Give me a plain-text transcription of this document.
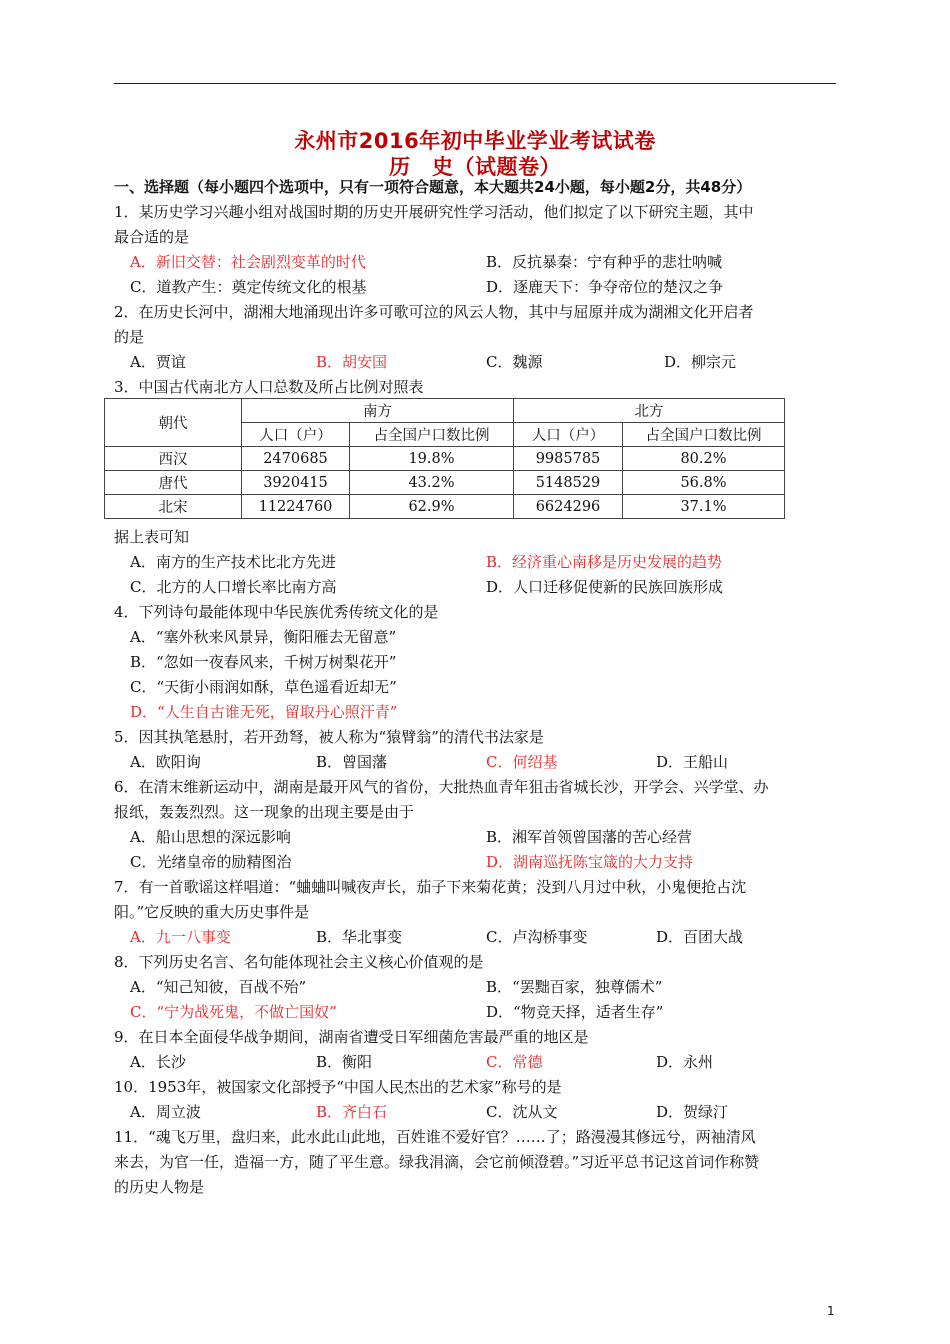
永州市2016年初中毕业学业考试试卷
历　史（试题卷）
一、选择题（每小题四个选项中，只有一项符合题意，本大题共24小题，每小题2分，共48分）
1．某历史学习兴趣小组对战国时期的历史开展研究性学习活动，他们拟定了以下研究主题，其中
最合适的是
A．新旧交替：社会剧烈变革的时代	B．反抗暴秦：宁有种乎的悲壮呐喊
C．道教产生：奠定传统文化的根基	D．逐鹿天下：争夺帝位的楚汉之争
2．在历史长河中，湖湘大地涌现出许多可歌可泣的风云人物，其中与屈原并成为湖湘文化开启者
的是
A．贾谊	B．胡安国	C．魏源	D．柳宗元
3．中国古代南北方人口总数及所占比例对照表
朝代	南方		北方	
	人口（户）	占全国户口数比例	人口（户）	占全国户口数比例
西汉	2470685	19.8%	9985785	80.2%
唐代	3920415	43.2%	5148529	56.8%
北宋	11224760	62.9%	6624296	37.1%
据上表可知
A．南方的生产技术比北方先进	B．经济重心南移是历史发展的趋势
C．北方的人口增长率比南方高	D．人口迁移促使新的民族回族形成
4．下列诗句最能体现中华民族优秀传统文化的是
A．“塞外秋来风景异，衡阳雁去无留意”
B．“忽如一夜春风来，千树万树梨花开”
C．“天街小雨润如酥，草色遥看近却无”
D．“人生自古谁无死，留取丹心照汗青”
5．因其执笔悬肘，若开劲弩，被人称为“猿臂翁”的清代书法家是
A．欧阳询	B．曾国藩	C．何绍基	D．王船山
6．在清末维新运动中，湖南是最开风气的省份，大批热血青年狙击省城长沙，开学会、兴学堂、办
报纸，轰轰烈烈。这一现象的出现主要是由于
A．船山思想的深远影响	B．湘军首领曾国藩的苦心经营
C．光绪皇帝的励精图治	D．湖南巡抚陈宝箴的大力支持
7．有一首歌谣这样唱道：“蛐蛐叫喊夜声长，茄子下来菊花黄；没到八月过中秋，小鬼便抢占沈
阳。”它反映的重大历史事件是
A．九一八事变	B．华北事变	C．卢沟桥事变	D．百团大战
8．下列历史名言、名句能体现社会主义核心价值观的是
A．“知己知彼，百战不殆”	B．“罢黜百家，独尊儒术”
C．“宁为战死鬼，不做亡国奴”	D．“物竞天择，适者生存”
9．在日本全面侵华战争期间，湖南省遭受日军细菌危害最严重的地区是
A．长沙	B．衡阳	C．常德	D．永州
10．1953年，被国家文化部授予“中国人民杰出的艺术家”称号的是
A．周立波	B．齐白石	C．沈从文	D．贺绿汀
11．“魂飞万里，盘归来，此水此山此地，百姓谁不爱好官？……了；路漫漫其修远兮，两袖清风
来去，为官一任，造福一方，随了平生意。绿我涓滴，会它前倾澄碧。”习近平总书记这首词作称赞
的历史人物是
1
